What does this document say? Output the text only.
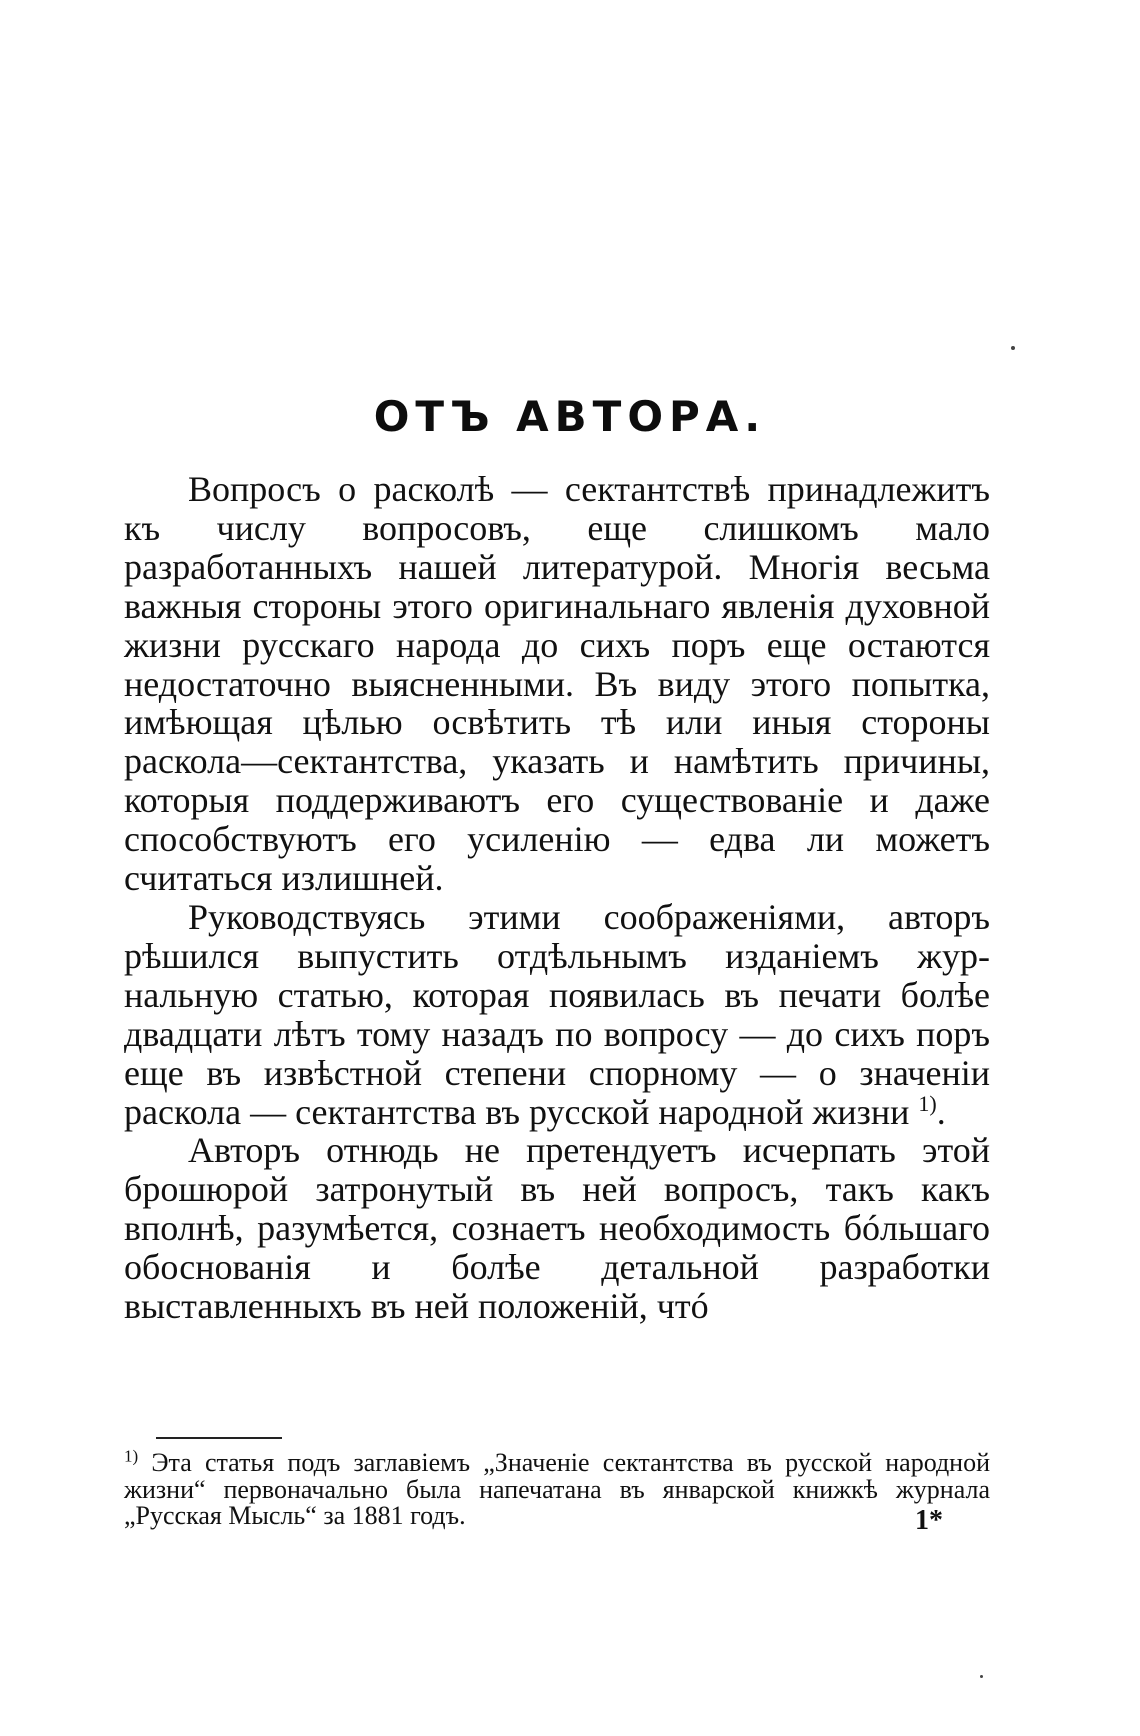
ОТЪ АВТОРА.

Вопросъ о расколѣ — сектантствѣ принадлежитъ къ числу вопросовъ, еще слишкомъ мало разработанныхъ нашей литературой. Многія весьма важныя стороны этого оригинальнаго явленія духовной жизни русскаго народа до сихъ поръ еще остаются недостаточно выясненными. Въ виду этого попытка, имѣющая цѣлью освѣтить тѣ или иныя стороны раскола—сектантства, указать и намѣтить причины, которыя поддерживаютъ его существованіе и даже способствуютъ его усиленію — едва ли можетъ считаться излишней.

Руководствуясь этими соображеніями, авторъ рѣшился выпустить отдѣльнымъ изданіемъ журнальную статью, которая появилась въ печати болѣе двадцати лѣтъ тому назадъ по вопросу — до сихъ поръ еще въ извѣстной степени спорному — о значеніи раскола — сектантства въ русской народной жизни $^{1)}$.

Авторъ отнюдь не претендуетъ исчерпать этой брошюрой затронутый въ ней вопросъ, такъ какъ вполнѣ, разумѣется, сознаетъ необходимость бóльшаго обоснованія и болѣе детальной разработки выставленныхъ въ ней положеній, чтó

$^{1)}$ Эта статья подъ заглавіемъ „Значеніе сектантства въ русской народной жизни“ первоначально была напечатана въ январской книжкѣ журнала „Русская Мысль“ за 1881 годъ.	1*
